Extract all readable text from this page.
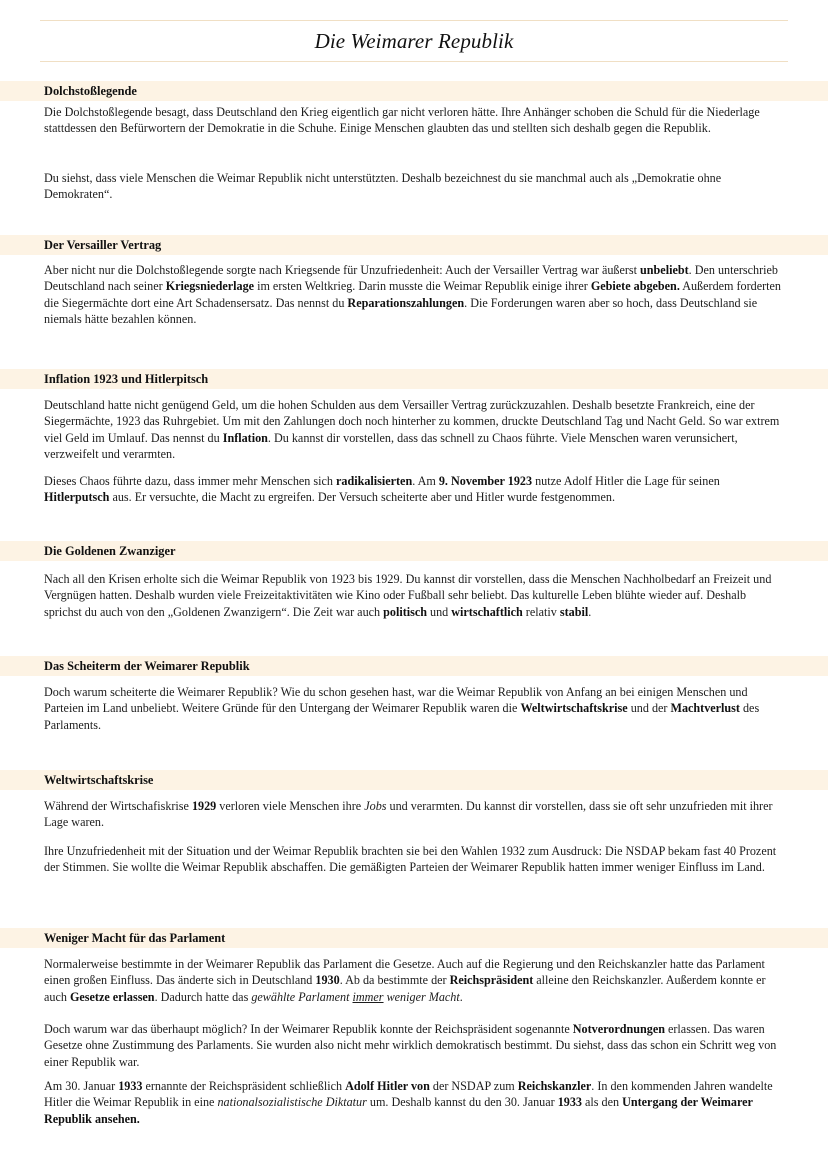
Die Weimarer Republik
Dolchstoßlegende

Die Dolchstoßlegende besagt, dass Deutschland den Krieg eigentlich gar nicht verloren hätte. Ihre Anhänger schoben die Schuld für die Niederlage stattdessen den Befürwortern der Demokratie in die Schuhe. Einige Menschen glaubten das und stellten sich deshalb gegen die Republik.

Du siehst, dass viele Menschen die Weimar Republik nicht unterstützten. Deshalb bezeichnest du sie manchmal auch als „Demokratie ohne Demokraten“.

Der Versailler Vertrag

Aber nicht nur die Dolchstoßlegende sorgte nach Kriegsende für Unzufriedenheit: Auch der Versailler Vertrag war äußerst unbeliebt. Den unterschrieb Deutschland nach seiner Kriegsniederlage im ersten Weltkrieg. Darin musste die Weimar Republik einige ihrer Gebiete abgeben. Außerdem forderten die Siegermächte dort eine Art Schadensersatz. Das nennst du Reparationszahlungen. Die Forderungen waren aber so hoch, dass Deutschland sie niemals hätte bezahlen können.

Inflation 1923 und Hitlerpitsch

Deutschland hatte nicht genügend Geld, um die hohen Schulden aus dem Versailler Vertrag zurückzuzahlen. Deshalb besetzte Frankreich, eine der Siegermächte, 1923 das Ruhrgebiet. Um mit den Zahlungen doch noch hinterher zu kommen, druckte Deutschland Tag und Nacht Geld. So war extrem viel Geld im Umlauf. Das nennst du Inflation. Du kannst dir vorstellen, dass das schnell zu Chaos führte. Viele Menschen waren verunsichert, verzweifelt und verarmten.

Dieses Chaos führte dazu, dass immer mehr Menschen sich radikalisierten. Am 9. November 1923 nutze Adolf Hitler die Lage für seinen Hitlerputsch aus. Er versuchte, die Macht zu ergreifen. Der Versuch scheiterte aber und Hitler wurde festgenommen.

Die Goldenen Zwanziger

Nach all den Krisen erholte sich die Weimar Republik von 1923 bis 1929. Du kannst dir vorstellen, dass die Menschen Nachholbedarf an Freizeit und Vergnügen hatten. Deshalb wurden viele Freizeitaktivitäten wie Kino oder Fußball sehr beliebt. Das kulturelle Leben blühte wieder auf. Deshalb sprichst du auch von den „Goldenen Zwanzigern“. Die Zeit war auch politisch und wirtschaftlich relativ stabil.

Das Scheiterm der Weimarer Republik

Doch warum scheiterte die Weimarer Republik? Wie du schon gesehen hast, war die Weimar Republik von Anfang an bei einigen Menschen und Parteien im Land unbeliebt. Weitere Gründe für den Untergang der Weimarer Republik waren die Weltwirtschaftskrise und der Machtverlust des Parlaments.

Weltwirtschaftskrise

Während der Wirtschafiskrise 1929 verloren viele Menschen ihre Jobs und verarmten. Du kannst dir vorstellen, dass sie oft sehr unzufrieden mit ihrer Lage waren.

Ihre Unzufriedenheit mit der Situation und der Weimar Republik brachten sie bei den Wahlen 1932 zum Ausdruck: Die NSDAP bekam fast 40 Prozent der Stimmen. Sie wollte die Weimar Republik abschaffen. Die gemäßigten Parteien der Weimarer Republik hatten immer weniger Einfluss im Land.

Weniger Macht für das Parlament

Normalerweise bestimmte in der Weimarer Republik das Parlament die Gesetze. Auch auf die Regierung und den Reichskanzler hatte das Parlament einen großen Einfluss. Das änderte sich in Deutschland 1930. Ab da bestimmte der Reichspräsident alleine den Reichskanzler. Außerdem konnte er auch Gesetze erlassen. Dadurch hatte das gewählte Parlament immer weniger Macht.

Doch warum war das überhaupt möglich? In der Weimarer Republik konnte der Reichspräsident sogenannte Notverordnungen erlassen. Das waren Gesetze ohne Zustimmung des Parlaments. Sie wurden also nicht mehr wirklich demokratisch bestimmt. Du siehst, dass das schon ein Schritt weg von einer Republik war.

Am 30. Januar 1933 ernannte der Reichspräsident schließlich Adolf Hitler von der NSDAP zum Reichskanzler. In den kommenden Jahren wandelte Hitler die Weimar Republik in eine nationalsozialistische Diktatur um. Deshalb kannst du den 30. Januar 1933 als den Untergang der Weimarer Republik ansehen.
